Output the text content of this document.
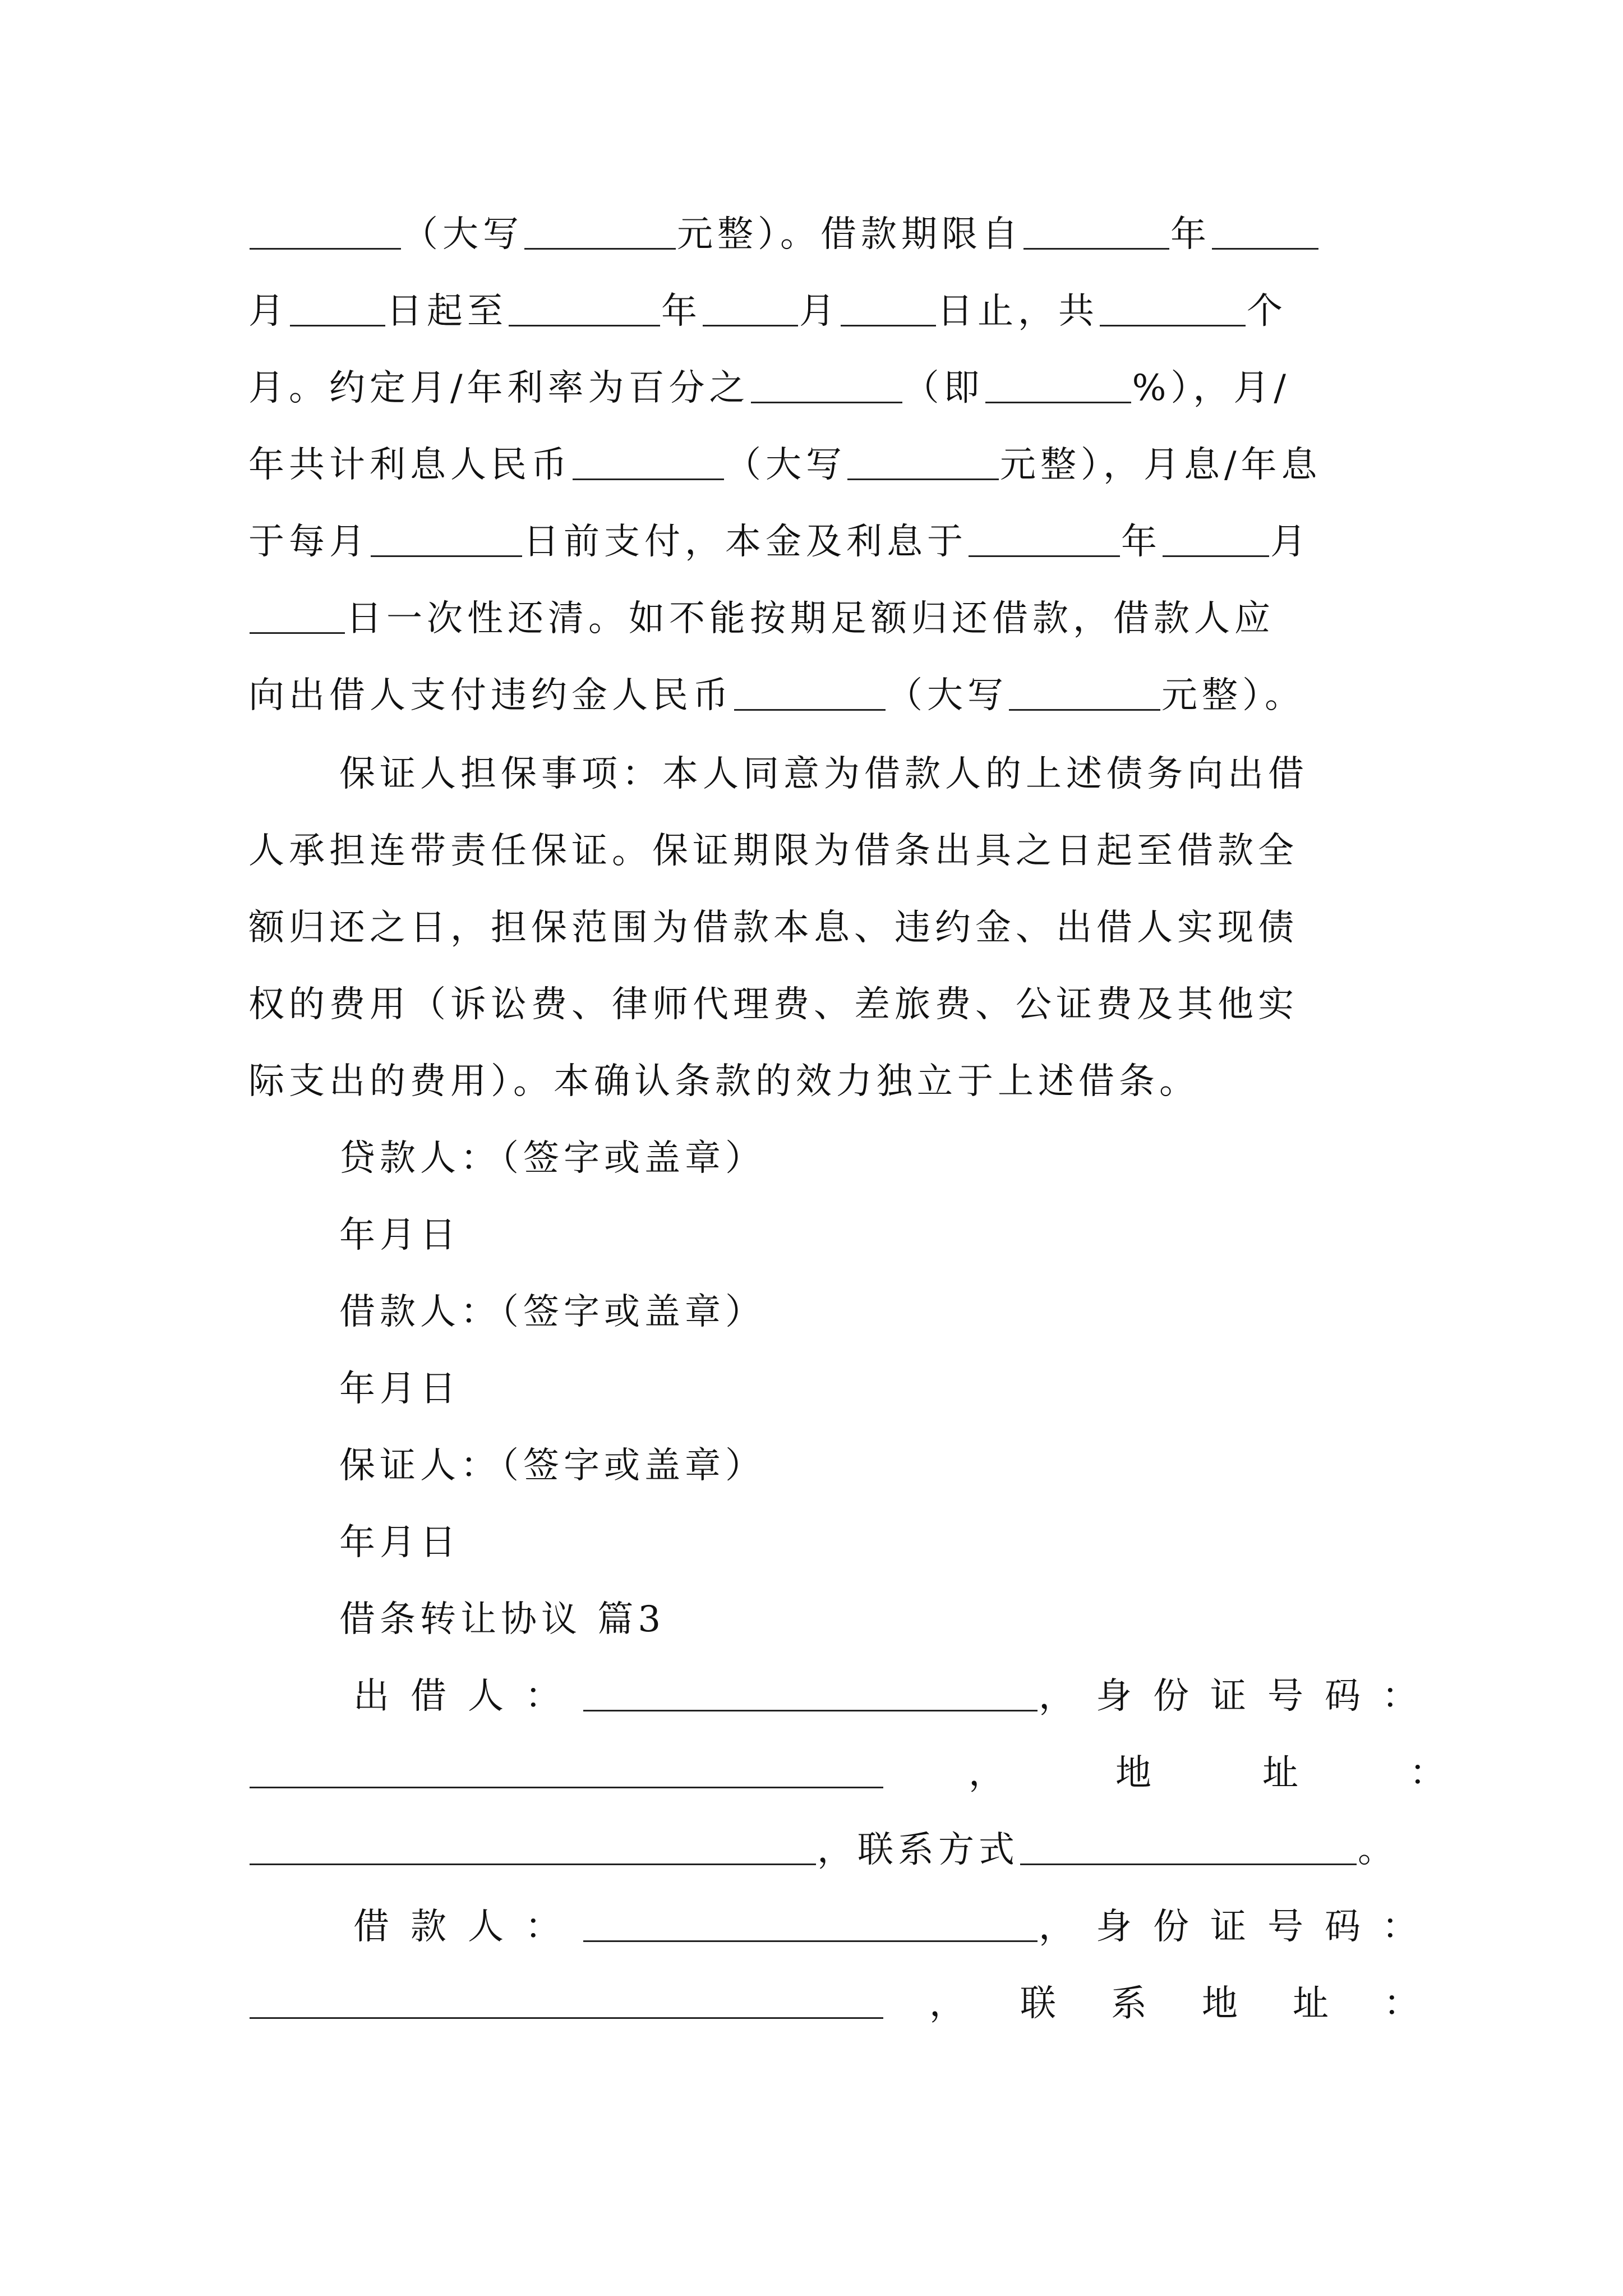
（大写	元整）。借款期限自	年
月	日起至	年	月	日止，共	个
月。约定月/年利率为百分之	（即	%），月/
年共计利息人民币	（大写	元整），月息/年息
于每月	日前支付，本金及利息于	年	月
日一次性还清。如不能按期足额归还借款，借款人应
向出借人支付违约金人民币	（大写	元整）。
保证人担保事项：本人同意为借款人的上述债务向出借
人承担连带责任保证。保证期限为借条出具之日起至借款全
额归还之日，担保范围为借款本息、违约金、出借人实现债
权的费用（诉讼费、律师代理费、差旅费、公证费及其他实
际支出的费用）。本确认条款的效力独立于上述借条。
贷款人：（签字或盖章）
年月日
借款人：（签字或盖章）
年月日
保证人：（签字或盖章）
年月日
借条转让协议 篇3
出借人：	，身份证号码：
，	地	址	：
，联系方式	。
借款人：	，身份证号码：
， 联 系 地 址 ：
